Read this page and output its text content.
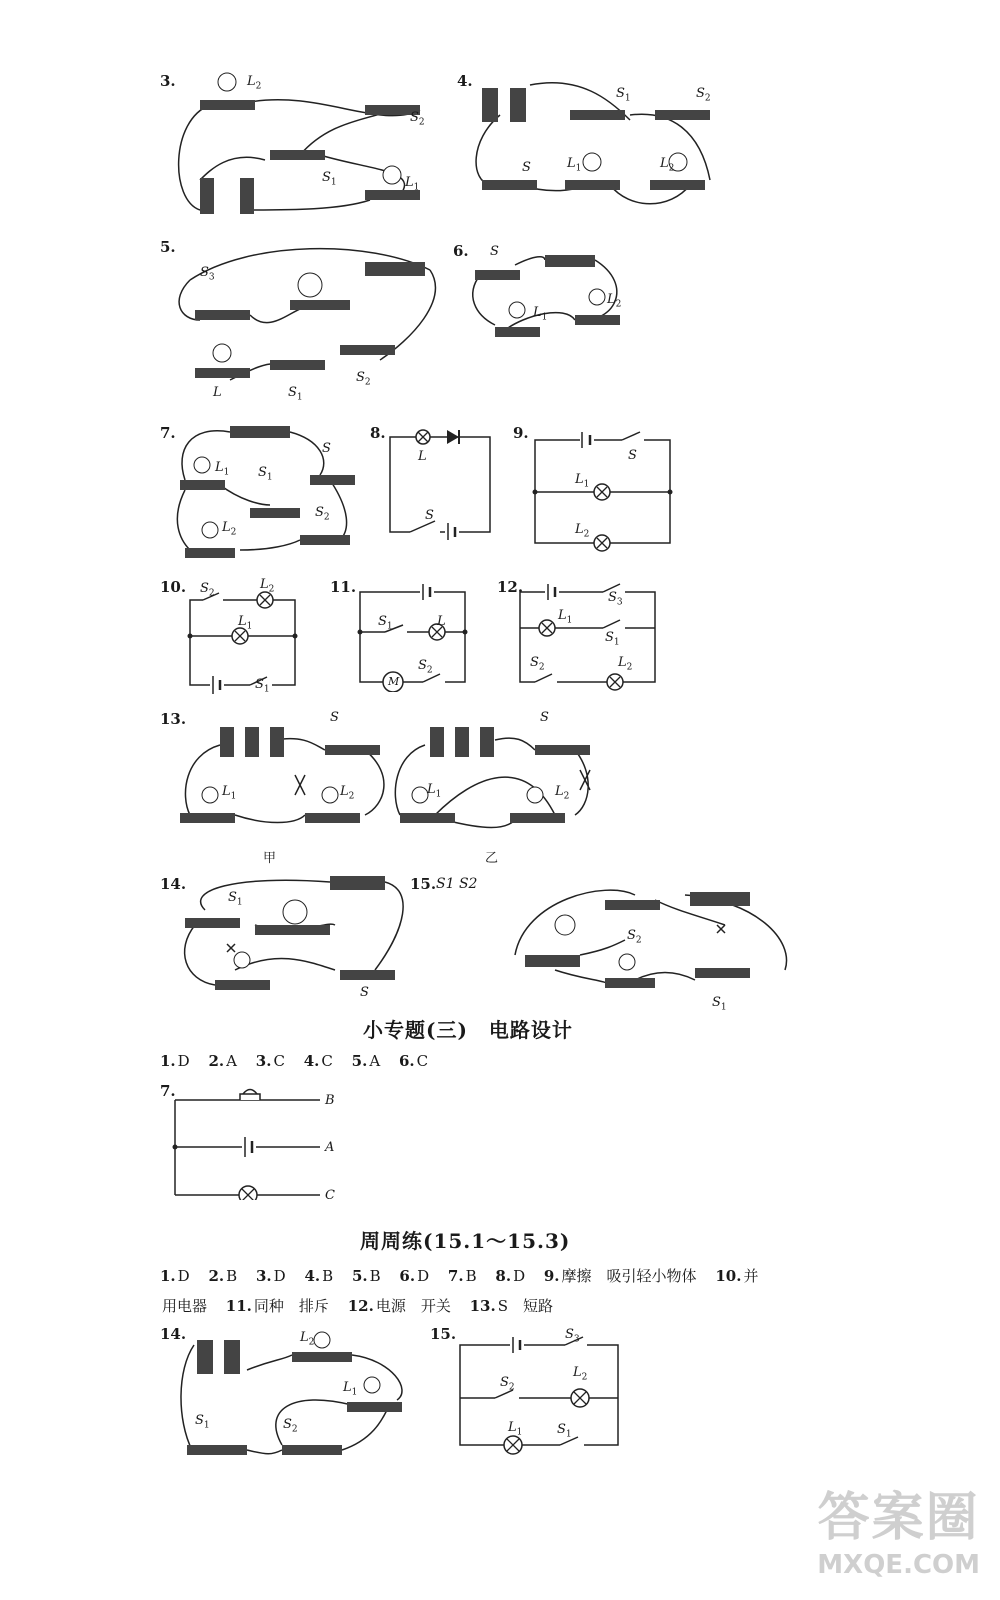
3.	$L_2$
$S_2$
$S_1$	$L_1$
4.
$S_1$	$S_2$
S	$L_1$	$L_2$
5.
$S_3$
L	$S_1$
$S_2$
6. S
$L_2$
$L_1$
7.
$L_1$ $S_1$
S
$L_2$
$S_2$
8.
L
S
9.
S
$L_1$
$L_2$
10. $S_2$
$L_2$
$L_1$
$S_1$
11.
$S_1$	L
M
$S_2$
12.
$S_3$
$L_1$
$S_1$
$S_2$	$L_2$
13.	S
$L_1$	$L_2$
S
$L_1$	$L_2$
甲	乙
14.
$S_1$
S
15. S1 S2
$S_2$
$S_1$
小专题(三)　电路设计
1. D 2. A 3. C 4. C 5. A 6. C
7.
B
A
C
周周练(15.1～15.3)
1. D 2. B 3. D 4. B 5. B 6. D 7. B 8. D 9. 摩擦　吸引轻小物体 10. 并
用电器 11. 同种　排斥 12. 电源　开关 13. S　短路
14.	$L_2$
$L_1$
$S_1$	$S_2$
15.	$S_3$
$S_2$
$L_2$
$L_1$	$S_1$
答案圈
MXQE.COM
